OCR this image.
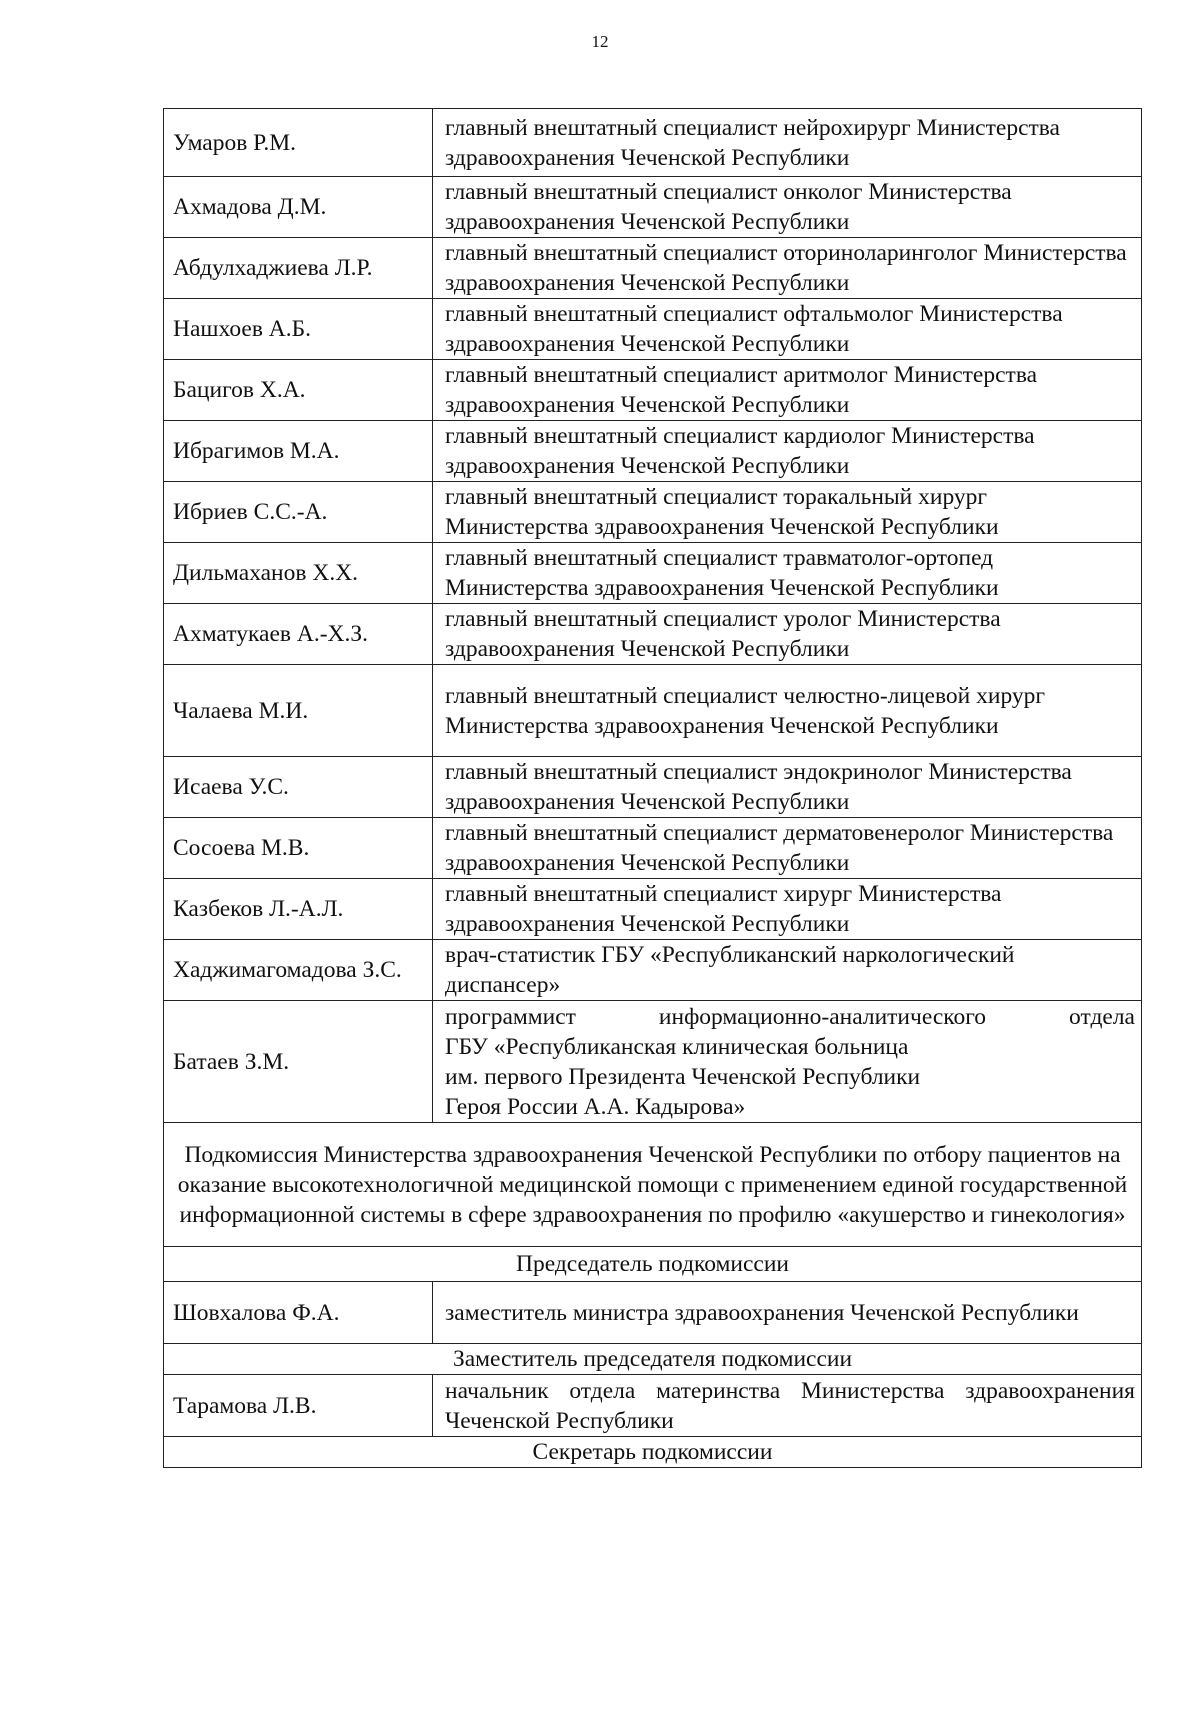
12
Умаров Р.М.	главный внештатный специалист нейрохирург Министерства здравоохранения Чеченской Республики
Ахмадова Д.М.	главный внештатный специалист онколог Министерства здравоохранения Чеченской Республики
Абдулхаджиева Л.Р.	главный внештатный специалист оториноларинголог Министерства здравоохранения Чеченской Республики
Нашхоев А.Б.	главный внештатный специалист офтальмолог Министерства здравоохранения Чеченской Республики
Бацигов Х.А.	главный внештатный специалист аритмолог Министерства здравоохранения Чеченской Республики
Ибрагимов М.А.	главный внештатный специалист кардиолог Министерства здравоохранения Чеченской Республики
Ибриев С.С.-А.	главный внештатный специалист торакальный хирург Министерства здравоохранения Чеченской Республики
Дильмаханов Х.Х.	главный внештатный специалист травматолог-ортопед Министерства здравоохранения Чеченской Республики
Ахматукаев А.-Х.З.	главный внештатный специалист уролог Министерства здравоохранения Чеченской Республики
Чалаева М.И.	главный внештатный специалист челюстно-лицевой хирург Министерства здравоохранения Чеченской Республики
Исаева У.С.	главный внештатный специалист эндокринолог Министерства здравоохранения Чеченской Республики
Сосоева М.В.	главный внештатный специалист дерматовенеролог Министерства здравоохранения Чеченской Республики
Казбеков Л.-А.Л.	главный внештатный специалист хирург Министерства здравоохранения Чеченской Республики
Хаджимагомадова З.С.	врач-статистик ГБУ «Республиканский наркологический диспансер»
Батаев З.М.	программист информационно-аналитического отдела
ГБУ «Республиканская клиническая больница
им. первого Президента Чеченской Республики
Героя России А.А. Кадырова»

Подкомиссия Министерства здравоохранения Чеченской Республики по отбору пациентов на оказание высокотехнологичной медицинской помощи с применением единой государственной информационной системы в сфере здравоохранения по профилю «акушерство и гинекология»	
Председатель подкомиссии	
Шовхалова Ф.А.	заместитель министра здравоохранения Чеченской Республики
Заместитель председателя подкомиссии	
Тарамова Л.В.	начальник отдела материнства Министерства здравоохранения Чеченской Республики
Секретарь подкомиссии	
